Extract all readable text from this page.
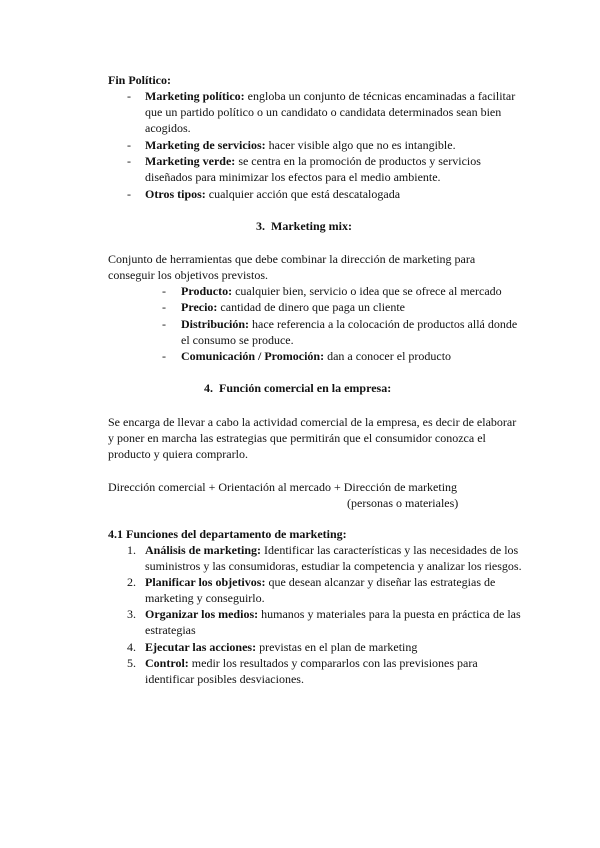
Fin Político:
- Marketing político: engloba un conjunto de técnicas encaminadas a facilitar
que un partido político o un candidato o candidata determinados sean bien
acogidos.
- Marketing de servicios: hacer visible algo que no es intangible.
- Marketing verde: se centra en la promoción de productos y servicios
diseñados para minimizar los efectos para el medio ambiente.
- Otros tipos: cualquier acción que está descatalogada
3. Marketing mix:
Conjunto de herramientas que debe combinar la dirección de marketing para
conseguir los objetivos previstos.
- Producto: cualquier bien, servicio o idea que se ofrece al mercado
- Precio: cantidad de dinero que paga un cliente
- Distribución: hace referencia a la colocación de productos allá donde
el consumo se produce.
- Comunicación / Promoción: dan a conocer el producto
4. Función comercial en la empresa:
Se encarga de llevar a cabo la actividad comercial de la empresa, es decir de elaborar
y poner en marcha las estrategias que permitirán que el consumidor conozca el
producto y quiera comprarlo.
Dirección comercial + Orientación al mercado + Dirección de marketing
(personas o materiales)
4.1 Funciones del departamento de marketing:
1. Análisis de marketing: Identificar las características y las necesidades de los
suministros y las consumidoras, estudiar la competencia y analizar los riesgos.
2. Planificar los objetivos: que desean alcanzar y diseñar las estrategias de
marketing y conseguirlo.
3. Organizar los medios: humanos y materiales para la puesta en práctica de las
estrategias
4. Ejecutar las acciones: previstas en el plan de marketing
5. Control: medir los resultados y compararlos con las previsiones para
identificar posibles desviaciones.
